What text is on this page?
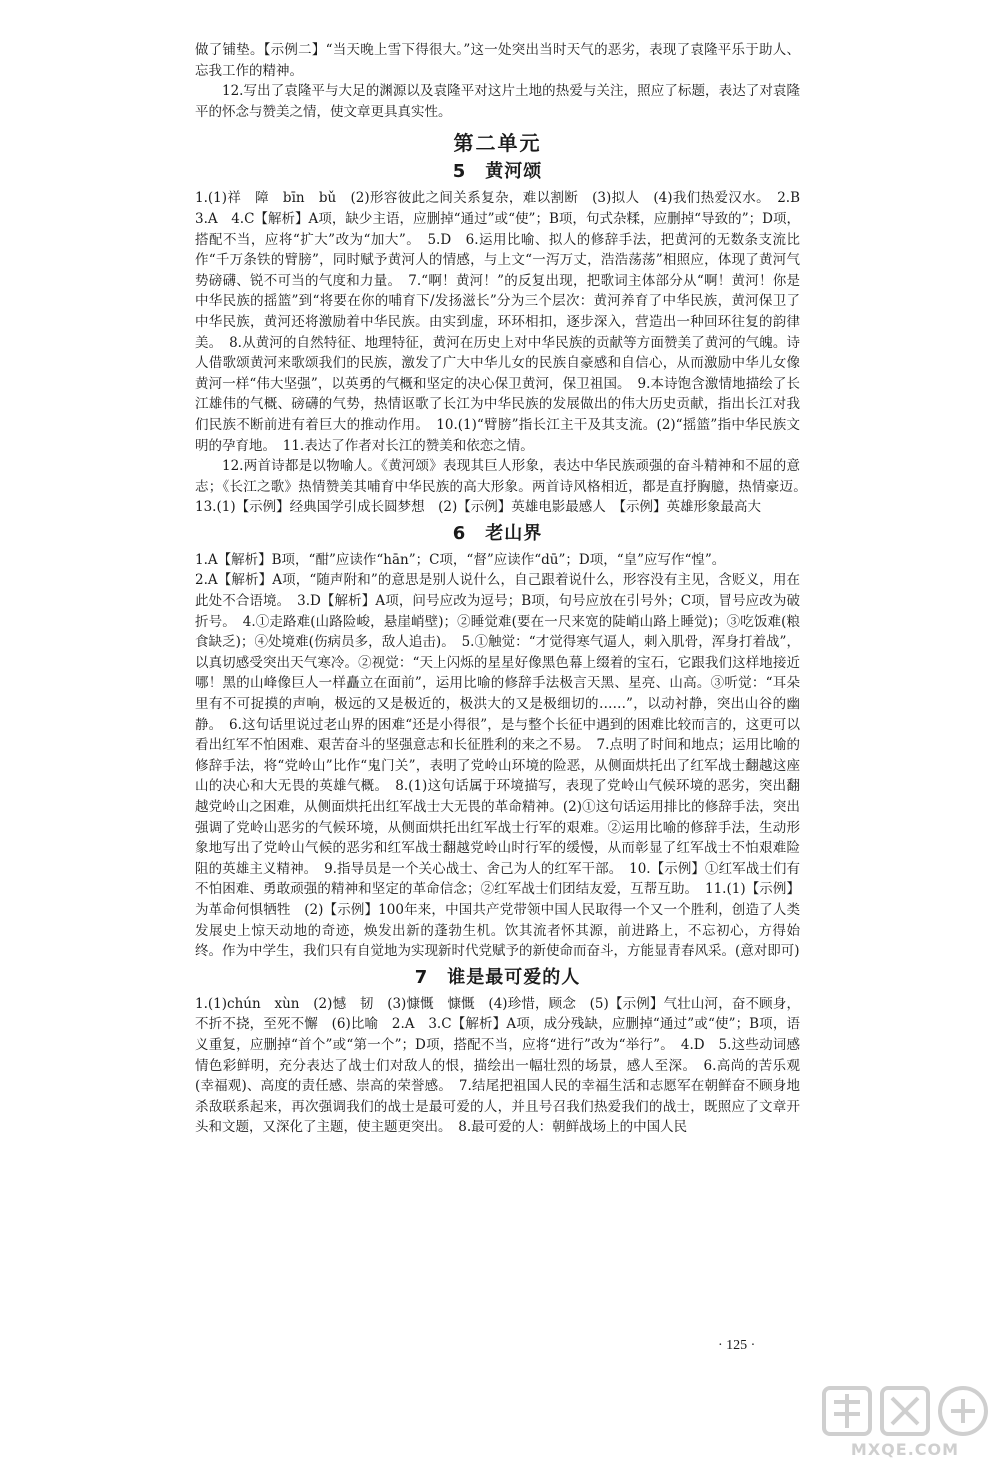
做了铺垫。【示例二】“当天晚上雪下得很大。”这一处突出当时天气的恶劣，表现了袁隆平乐于助人、忘我工作的精神。

12.写出了袁隆平与大足的渊源以及袁隆平对这片土地的热爱与关注，照应了标题，表达了对袁隆平的怀念与赞美之情，使文章更具真实性。

第二单元
5　黄河颂

1.(1)祥　障　bīn　bǔ　(2)形容彼此之间关系复杂，难以割断　(3)拟人　(4)我们热爱汉水。　2.B　3.A　4.C【解析】A项，缺少主语，应删掉“通过”或“使”；B项，句式杂糅，应删掉“导致的”；D项，搭配不当，应将“扩大”改为“加大”。　5.D　6.运用比喻、拟人的修辞手法，把黄河的无数条支流比作“千万条铁的臂膀”，同时赋予黄河人的情感，与上文“一泻万丈，浩浩荡荡”相照应，体现了黄河气势磅礴、锐不可当的气度和力量。　7.“啊！黄河！”的反复出现，把歌词主体部分从“啊！黄河！你是中华民族的摇篮”到“将要在你的哺育下/发扬滋长”分为三个层次：黄河养育了中华民族，黄河保卫了中华民族，黄河还将激励着中华民族。由实到虚，环环相扣，逐步深入，营造出一种回环往复的韵律美。　8.从黄河的自然特征、地理特征，黄河在历史上对中华民族的贡献等方面赞美了黄河的气魄。诗人借歌颂黄河来歌颂我们的民族，激发了广大中华儿女的民族自豪感和自信心，从而激励中华儿女像黄河一样“伟大坚强”，以英勇的气概和坚定的决心保卫黄河，保卫祖国。　9.本诗饱含激情地描绘了长江雄伟的气概、磅礴的气势，热情讴歌了长江为中华民族的发展做出的伟大历史贡献，指出长江对我们民族不断前进有着巨大的推动作用。　10.(1)“臂膀”指长江主干及其支流。(2)“摇篮”指中华民族文明的孕育地。　11.表达了作者对长江的赞美和依恋之情。

12.两首诗都是以物喻人。《黄河颂》表现其巨人形象，表达中华民族顽强的奋斗精神和不屈的意志；《长江之歌》热情赞美其哺育中华民族的高大形象。两首诗风格相近，都是直抒胸臆，热情豪迈。　13.(1)【示例】经典国学引成长圆梦想　(2)【示例】英雄电影最感人　【示例】英雄形象最高大

6　老山界

1.A【解析】B项，“酣”应读作“hān”；C项，“督”应读作“dū”；D项，“皇”应写作“惶”。

2.A【解析】A项，“随声附和”的意思是别人说什么，自己跟着说什么，形容没有主见，含贬义，用在此处不合语境。　3.D【解析】A项，问号应改为逗号；B项，句号应放在引号外；C项，冒号应改为破折号。　4.①走路难(山路险峻，悬崖峭壁)；②睡觉难(要在一尺来宽的陡峭山路上睡觉)；③吃饭难(粮食缺乏)；④处境难(伤病员多，敌人追击)。　5.①触觉：“才觉得寒气逼人，刺入肌骨，浑身打着战”，以真切感受突出天气寒冷。②视觉：“天上闪烁的星星好像黑色幕上缀着的宝石，它跟我们这样地接近哪！黑的山峰像巨人一样矗立在面前”，运用比喻的修辞手法极言天黑、星亮、山高。③听觉：“耳朵里有不可捉摸的声响，极远的又是极近的，极洪大的又是极细切的……”，以动衬静，突出山谷的幽静。　6.这句话里说过老山界的困难“还是小得很”，是与整个长征中遇到的困难比较而言的，这更可以看出红军不怕困难、艰苦奋斗的坚强意志和长征胜利的来之不易。　7.点明了时间和地点；运用比喻的修辞手法，将“党岭山”比作“鬼门关”，表明了党岭山环境的险恶，从侧面烘托出了红军战士翻越这座山的决心和大无畏的英雄气概。　8.(1)这句话属于环境描写，表现了党岭山气候环境的恶劣，突出翻越党岭山之困难，从侧面烘托出红军战士大无畏的革命精神。(2)①这句话运用排比的修辞手法，突出强调了党岭山恶劣的气候环境，从侧面烘托出红军战士行军的艰难。②运用比喻的修辞手法，生动形象地写出了党岭山气候的恶劣和红军战士翻越党岭山时行军的缓慢，从而彰显了红军战士不怕艰难险阻的英雄主义精神。　9.指导员是一个关心战士、舍己为人的红军干部。　10.【示例】①红军战士们有不怕困难、勇敢顽强的精神和坚定的革命信念；②红军战士们团结友爱，互帮互助。　11.(1)【示例】为革命何惧牺牲　(2)【示例】100年来，中国共产党带领中国人民取得一个又一个胜利，创造了人类发展史上惊天动地的奇迹，焕发出新的蓬勃生机。饮其流者怀其源，前进路上，不忘初心，方得始终。作为中学生，我们只有自觉地为实现新时代党赋予的新使命而奋斗，方能显青春风采。(意对即可)

7　谁是最可爱的人

1.(1)chún　xùn　(2)憾　韧　(3)慷慨　慷慨　(4)珍惜，顾念　(5)【示例】气壮山河，奋不顾身，不折不挠，至死不懈　(6)比喻　2.A　3.C【解析】A项，成分残缺，应删掉“通过”或“使”；B项，语义重复，应删掉“首个”或“第一个”；D项，搭配不当，应将“进行”改为“举行”。　4.D　5.这些动词感情色彩鲜明，充分表达了战士们对敌人的恨，描绘出一幅壮烈的场景，感人至深。　6.高尚的苦乐观(幸福观)、高度的责任感、崇高的荣誉感。　7.结尾把祖国人民的幸福生活和志愿军在朝鲜奋不顾身地杀敌联系起来，再次强调我们的战士是最可爱的人，并且号召我们热爱我们的战士，既照应了文章开头和文题，又深化了主题，使主题更突出。　8.最可爱的人：朝鲜战场上的中国人民

· 125 ·
MXQE.COM
